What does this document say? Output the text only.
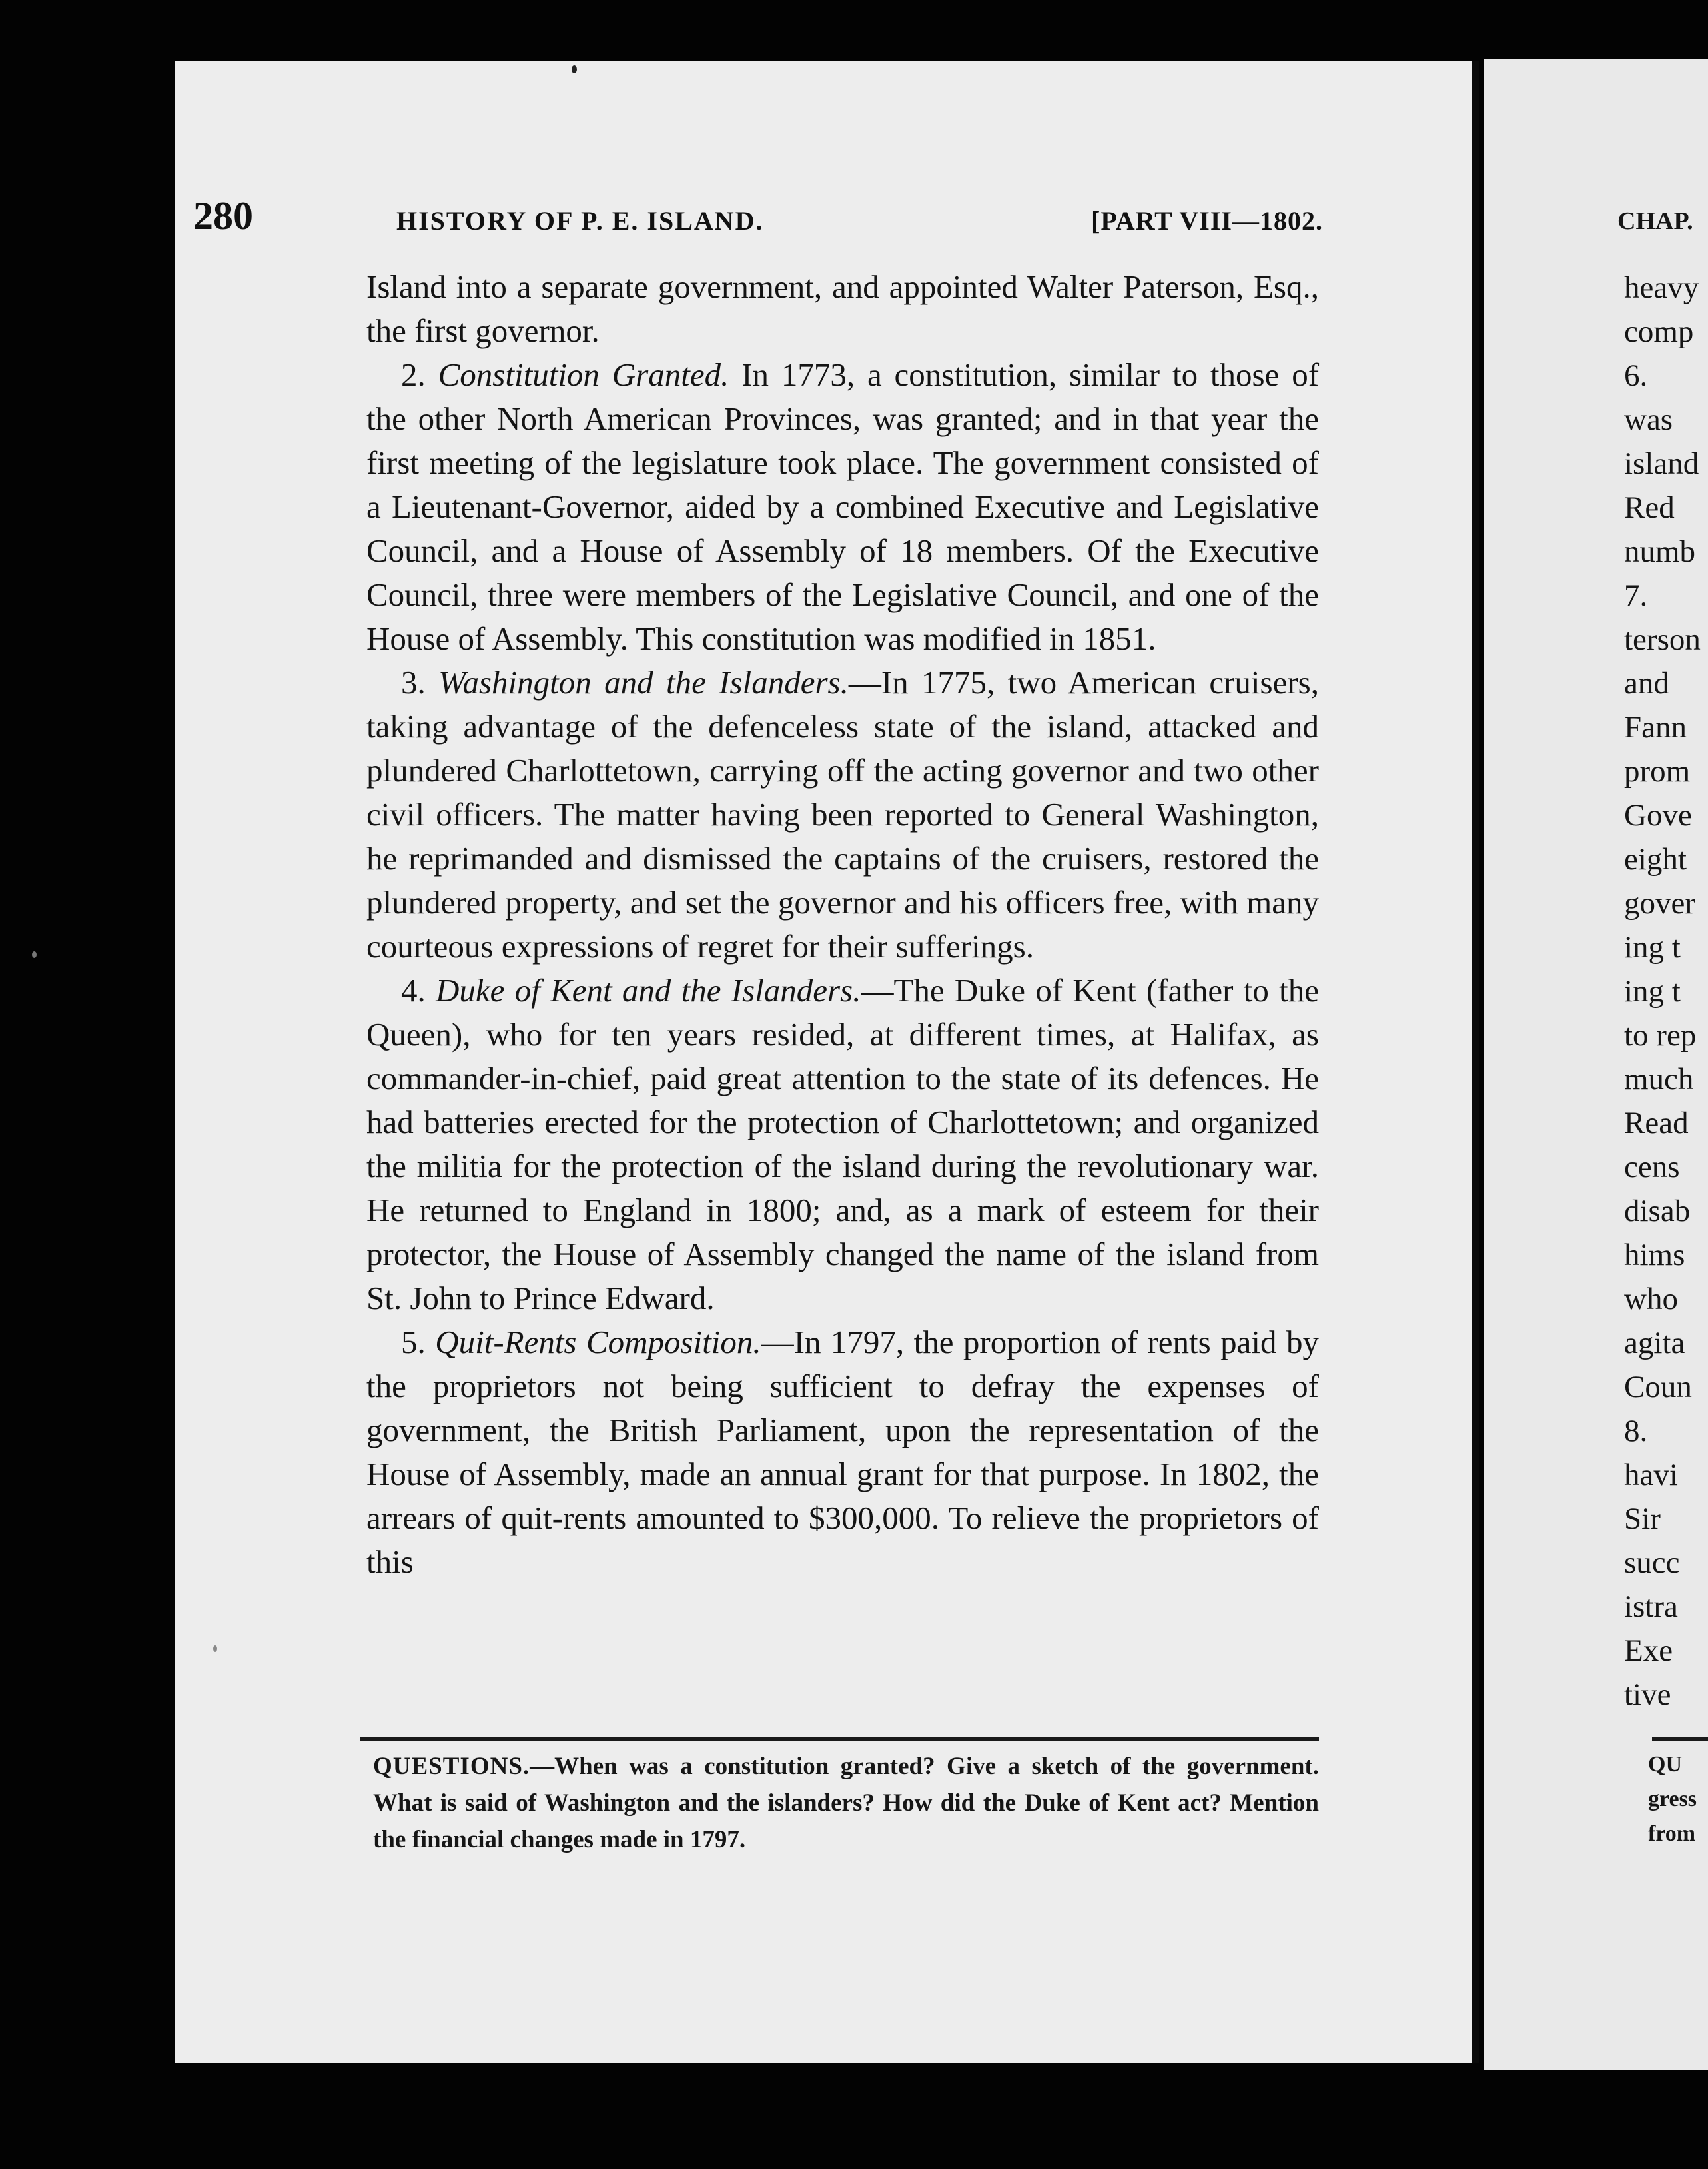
280	HISTORY OF P. E. ISLAND.	[PART VIII—1802.

Island into a separate government, and appointed Walter Paterson, Esq., the first governor.

2. Constitution Granted. In 1773, a constitution, similar to those of the other North American Provinces, was granted; and in that year the first meeting of the legislature took place. The government consisted of a Lieutenant-Governor, aided by a combined Executive and Legislative Council, and a House of Assembly of 18 members. Of the Executive Council, three were members of the Legislative Council, and one of the House of Assembly. This constitution was modified in 1851.

3. Washington and the Islanders.—In 1775, two American cruisers, taking advantage of the defenceless state of the island, attacked and plundered Charlottetown, carrying off the acting governor and two other civil officers. The matter having been reported to General Washington, he reprimanded and dismissed the captains of the cruisers, restored the plundered property, and set the governor and his officers free, with many courteous expressions of regret for their sufferings.

4. Duke of Kent and the Islanders.—The Duke of Kent (father to the Queen), who for ten years resided, at different times, at Halifax, as commander-in-chief, paid great attention to the state of its defences. He had batteries erected for the protection of Charlottetown; and organized the militia for the protection of the island during the revolutionary war. He returned to England in 1800; and, as a mark of esteem for their protector, the House of Assembly changed the name of the island from St. John to Prince Edward.

5. Quit-Rents Composition.—In 1797, the proportion of rents paid by the proprietors not being sufficient to defray the expenses of government, the British Parliament, upon the representation of the House of Assembly, made an annual grant for that purpose. In 1802, the arrears of quit-rents amounted to $300,000. To relieve the proprietors of this

QUESTIONS.—When was a constitution granted? Give a sketch of the government. What is said of Washington and the islanders? How did the Duke of Kent act? Mention the financial changes made in 1797.
CHAP.
heavy
comp
6.
was
island
Red
numb
7.
terson
and
Fann
prom
Gove
eight
gover
ing t
ing t
to rep
much
Read
cens
disab
hims
who
agita
Coun
8.
havi
Sir
succ
istra
Exe
tive
QU
gress
from
